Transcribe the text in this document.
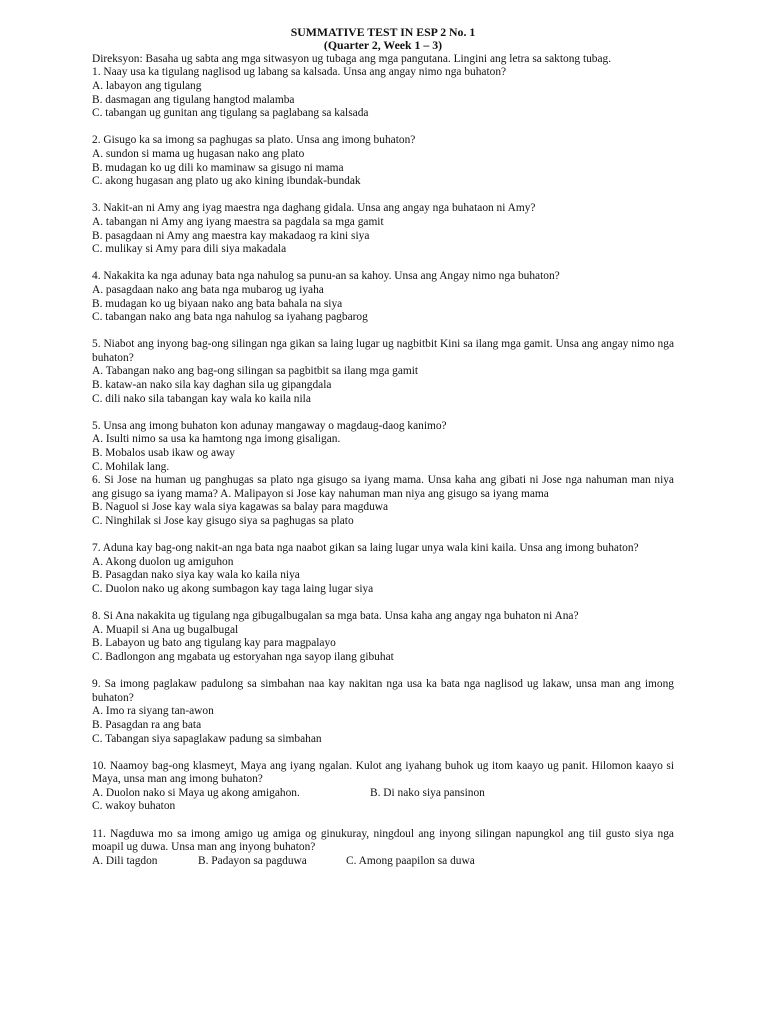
SUMMATIVE TEST IN ESP 2 No. 1

(Quarter 2, Week 1 – 3)

Direksyon: Basaha ug sabta ang mga sitwasyon ug tubaga ang mga pangutana. Lingini ang letra sa saktong tubag.

1. Naay usa ka tigulang naglisod ug labang sa kalsada. Unsa ang angay nimo nga buhaton?

A. labayon ang tigulang

B. dasmagan ang tigulang hangtod malamba

C. tabangan ug gunitan ang tigulang sa paglabang sa kalsada

2. Gisugo ka sa imong sa paghugas sa plato. Unsa ang imong buhaton?

A. sundon si mama ug hugasan nako ang plato

B. mudagan ko ug dili ko maminaw sa gisugo ni mama

C. akong hugasan ang plato ug ako kining ibundak-bundak

3. Nakit-an ni Amy ang iyag maestra nga daghang gidala. Unsa ang angay nga buhataon ni Amy?

A. tabangan ni Amy ang iyang maestra sa pagdala sa mga gamit

B. pasagdaan ni Amy ang maestra kay makadaog ra kini siya

C. mulikay si Amy para dili siya makadala

4. Nakakita ka nga adunay bata nga nahulog sa punu-an sa kahoy. Unsa ang Angay nimo nga buhaton?

A. pasagdaan nako ang bata nga mubarog ug iyaha

B. mudagan ko ug biyaan nako ang bata bahala na siya

C. tabangan nako ang bata nga nahulog sa iyahang pagbarog

5. Niabot ang inyong bag-ong silingan nga gikan sa laing lugar ug nagbitbit Kini sa ilang mga gamit. Unsa ang angay nimo nga buhaton?

A. Tabangan nako ang bag-ong silingan sa pagbitbit sa ilang mga gamit

B. kataw-an nako sila kay daghan sila ug gipangdala

C. dili nako sila tabangan kay wala ko kaila nila

5. Unsa ang imong buhaton kon adunay mangaway o magdaug-daog kanimo?

A. Isulti nimo sa usa ka hamtong nga imong gisaligan.

B. Mobalos usab ikaw og away

C. Mohilak lang.

6. Si Jose na human ug panghugas sa plato nga gisugo sa iyang mama. Unsa kaha ang gibati ni Jose nga nahuman man niya ang gisugo sa iyang mama? A. Malipayon si Jose kay nahuman man niya ang gisugo sa iyang mama

B. Naguol si Jose kay wala siya kagawas sa balay para magduwa

C. Ninghilak si Jose kay gisugo siya sa paghugas sa plato

7. Aduna kay bag-ong nakit-an nga bata nga naabot gikan sa laing lugar unya wala kini kaila. Unsa ang imong buhaton?

A. Akong duolon ug amiguhon

B. Pasagdan nako siya kay wala ko kaila niya

C. Duolon nako ug akong sumbagon kay taga laing lugar siya

8. Si Ana nakakita ug tigulang nga gibugalbugalan sa mga bata. Unsa kaha ang angay nga buhaton ni Ana?

A. Muapil si Ana ug bugalbugal

B. Labayon ug bato ang tigulang kay para magpalayo

C. Badlongon ang mgabata ug estoryahan nga sayop ilang gibuhat

9. Sa imong paglakaw padulong sa simbahan naa kay nakitan nga usa ka bata nga naglisod ug lakaw, unsa man ang imong buhaton?

A. Imo ra siyang tan-awon

B. Pasagdan ra ang bata

C. Tabangan siya sapaglakaw padung sa simbahan

10. Naamoy bag-ong klasmeyt, Maya ang iyang ngalan. Kulot ang iyahang buhok ug itom kaayo ug panit. Hilomon kaayo si Maya, unsa man ang imong buhaton?

A. Duolon nako si Maya ug akong amigahon.	B. Di nako siya pansinon

C. wakoy buhaton

11. Nagduwa mo sa imong amigo ug amiga og ginukuray, ningdoul ang inyong silingan napungkol ang tiil gusto siya nga moapil ug duwa. Unsa man ang inyong buhaton?

A. Dili tagdon	B. Padayon sa pagduwa	C. Among paapilon sa duwa
